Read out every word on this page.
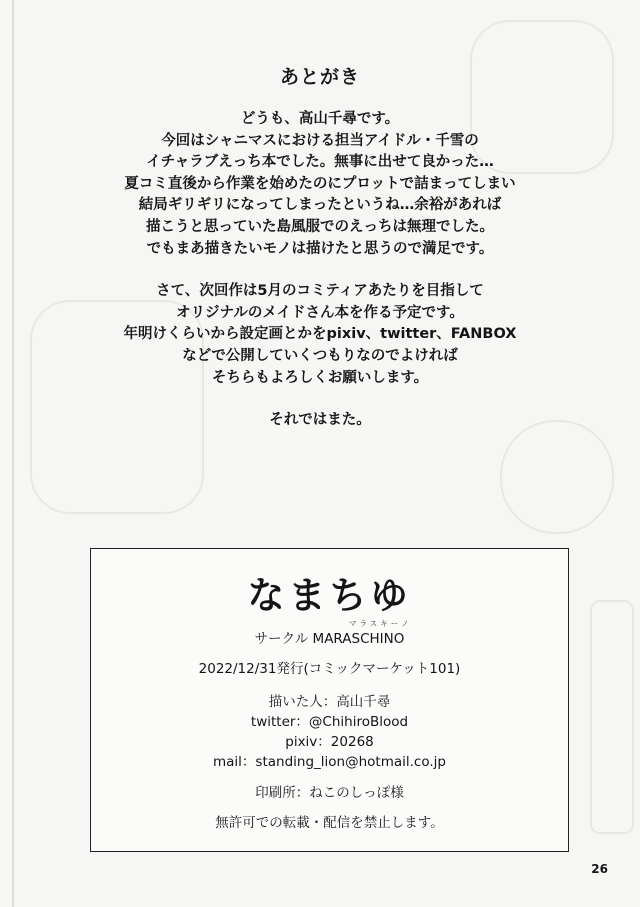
あとがき
どうも、高山千尋です。
今回はシャニマスにおける担当アイドル・千雪の
イチャラブえっち本でした。無事に出せて良かった…
夏コミ直後から作業を始めたのにプロットで詰まってしまい
結局ギリギリになってしまったというね…余裕があれば
描こうと思っていた島風服でのえっちは無理でした。
でもまあ描きたいモノは描けたと思うので満足です。
さて、次回作は5月のコミティアあたりを目指して
オリジナルのメイドさん本を作る予定です。
年明けくらいから設定画とかをpixiv、twitter、FANBOX
などで公開していくつもりなのでよければ
そちらもよろしくお願いします。
それではまた。
なまちゆ
マラスキーノ
サークル MARASCHINO
2022/12/31発行(コミックマーケット101)
描いた人：高山千尋
twitter：@ChihiroBlood
pixiv：20268
mail：standing_lion@hotmail.co.jp
印刷所：ねこのしっぽ様
無許可での転載・配信を禁止します。
26
